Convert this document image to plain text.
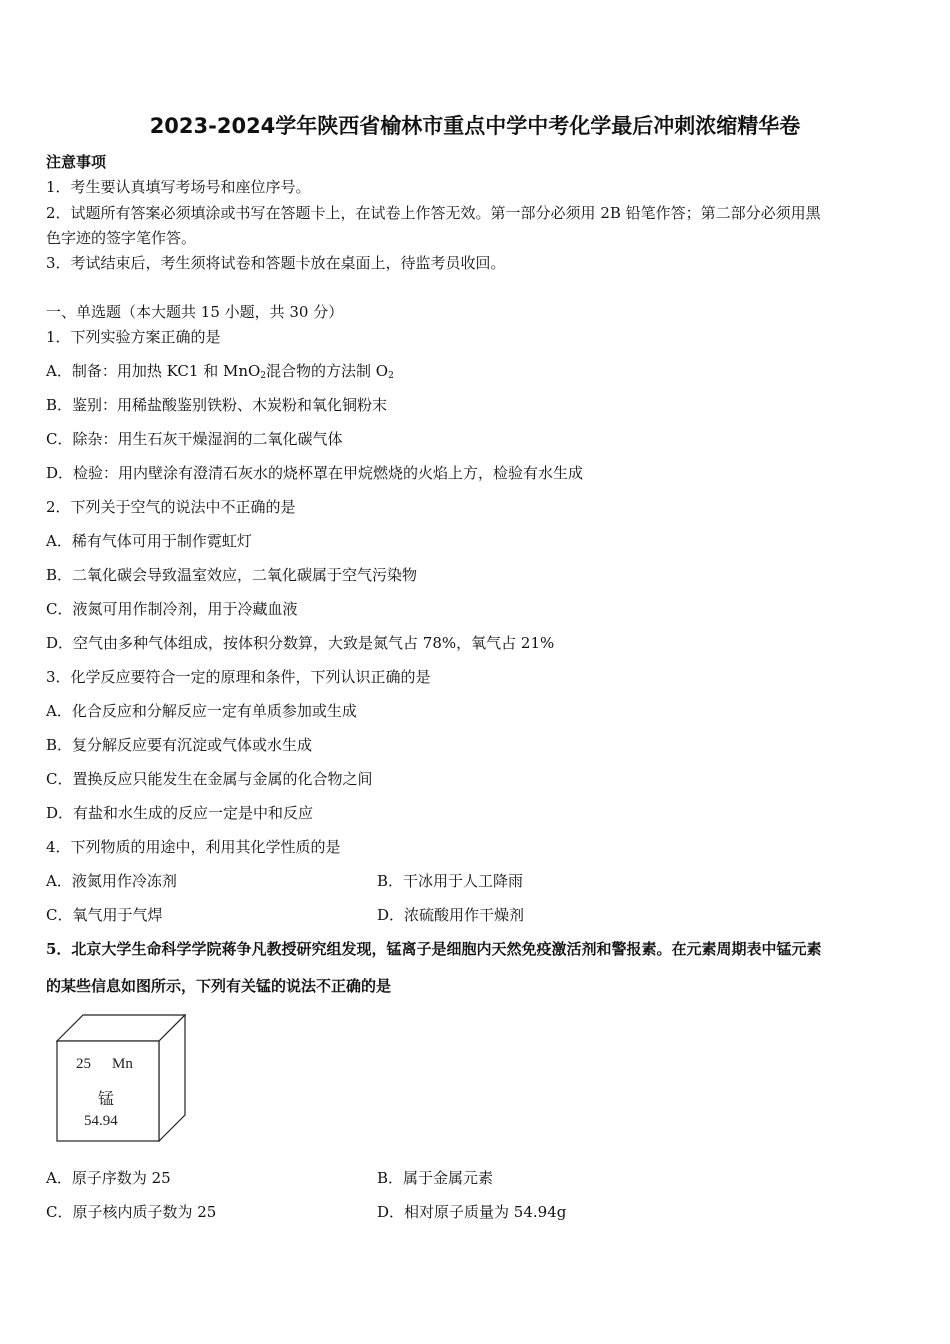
2023-2024学年陕西省榆林市重点中学中考化学最后冲刺浓缩精华卷
注意事项
1．考生要认真填写考场号和座位序号。
2．试题所有答案必须填涂或书写在答题卡上，在试卷上作答无效。第一部分必须用 2B 铅笔作答；第二部分必须用黑
色字迹的签字笔作答。
3．考试结束后，考生须将试卷和答题卡放在桌面上，待监考员收回。
一、单选题（本大题共 15 小题，共 30 分）
1．下列实验方案正确的是
A．制备：用加热 KC1 和 MnO$_2$混合物的方法制 $O_2$
B．鉴别：用稀盐酸鉴别铁粉、木炭粉和氧化铜粉末
C．除杂：用生石灰干燥湿润的二氧化碳气体
D．检验：用内壁涂有澄清石灰水的烧杯罩在甲烷燃烧的火焰上方，检验有水生成
2．下列关于空气的说法中不正确的是
A．稀有气体可用于制作霓虹灯
B．二氧化碳会导致温室效应，二氧化碳属于空气污染物
C．液氮可用作制冷剂，用于冷藏血液
D．空气由多种气体组成，按体积分数算，大致是氮气占 78%，氧气占 21%
3．化学反应要符合一定的原理和条件，下列认识正确的是
A．化合反应和分解反应一定有单质参加或生成
B．复分解反应要有沉淀或气体或水生成
C．置换反应只能发生在金属与金属的化合物之间
D．有盐和水生成的反应一定是中和反应
4．下列物质的用途中，利用其化学性质的是
A．液氮用作冷冻剂	B．干冰用于人工降雨
C．氧气用于气焊	D．浓硫酸用作干燥剂
5．北京大学生命科学学院蒋争凡教授研究组发现，锰离子是细胞内天然免疫激活剂和警报素。在元素周期表中锰元素
的某些信息如图所示，下列有关锰的说法不正确的是
25 Mn
锰
54.94
A．原子序数为 25	B．属于金属元素
C．原子核内质子数为 25	D．相对原子质量为 54.94g
